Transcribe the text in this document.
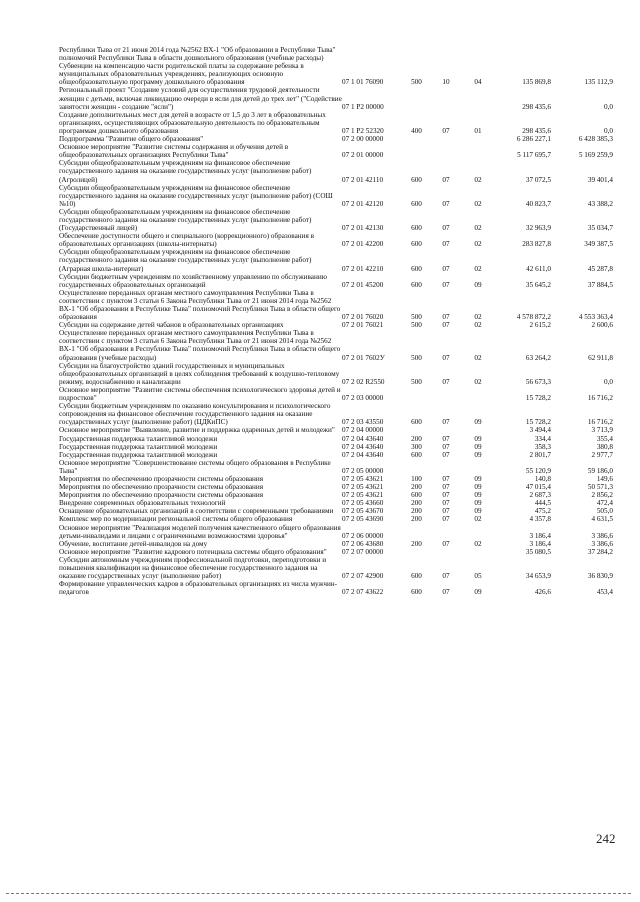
Республики Тыва от 21 июня 2014 года №2562 ВХ-1 "Об образовании в Республике Тыва" полномочий Республики Тыва в области дошкольного образования (учебные расходы)
Субвенции на компенсацию части родительской платы за содержание ребенка в муниципальных образовательных учреждениях, реализующих основную общеобразовательную программу дошкольного образования	07 1 01 76090	500	10	04	135 869,8	135 112,9
Региональный проект "Создание условий для осуществления трудовой деятельности женщин с детьми, включая ликвидацию очереди в ясли для детей до трех лет" ("Содействие занятости женщин - создание "ясли")	07 1 P2 00000	298 435,6	0,0
Создание дополнительных мест для детей в возрасте от 1,5 до 3 лет в образовательных организациях, осуществляющих образовательную деятельность по образовательным программам дошкольного образования	07 1 P2 52320	400	07	01	298 435,6	0,0
Подпрограмма "Развитие общего образования"	07 2 00 00000	6 286 227,1	6 428 385,3
Основное мероприятие "Развитие системы содержания и обучения детей в общеобразовательных организациях Республики Тыва"	07 2 01 00000	5 117 695,7	5 169 259,9
Субсидии общеобразовательным учреждениям на финансовое обеспечение государственного задания на оказание государственных услуг (выполнение работ) (Агролицей)	07 2 01 42110	600	07	02	37 072,5	39 401,4
Субсидии общеобразовательным учреждениям на финансовое обеспечение государственного задания на оказание государственных услуг (выполнение работ) (СОШ №10)	07 2 01 42120	600	07	02	40 823,7	43 388,2
Субсидии общеобразовательным учреждениям на финансовое обеспечение государственного задания на оказание государственных услуг (выполнение работ) (Государственный лицей)	07 2 01 42130	600	07	02	32 963,9	35 034,7
Обеспечение доступности общего и специального (коррекционного) образования в образовательных организациях (школы-интернаты)	07 2 01 42200	600	07	02	283 827,8	349 387,5
Субсидии общеобразовательным учреждениям на финансовое обеспечение государственного задания на оказание государственных услуг (выполнение работ) (Аграрная школа-интернат)	07 2 01 42210	600	07	02	42 611,0	45 287,8
Субсидии бюджетным учреждениям по хозяйственному управлению по обслуживанию государственных образовательных организаций	07 2 01 45200	600	07	09	35 645,2	37 884,5
Осуществление переданных органам местного самоуправления Республики Тыва в соответствии с пунктом 3 статьи 6 Закона Республики Тыва от 21 июня 2014 года №2562 ВХ-1 "Об образовании в Республике Тыва" полномочий Республики Тыва в области общего образования	07 2 01 76020	500	07	02	4 578 872,2	4 553 363,4
Субсидии на содержание детей чабанов в образовательных организациях	07 2 01 76021	500	07	02	2 615,2	2 600,6
Осуществление переданных органам местного самоуправления Республики Тыва в соответствии с пунктом 3 статьи 6 Закона Республики Тыва от 21 июня 2014 года №2562 ВХ-1 "Об образовании в Республике Тыва" полномочий Республики Тыва в области общего образования (учебные расходы)	07 2 01 7602У	500	07	02	63 264,2	62 911,8
Субсидии на благоустройство зданий государственных и муниципальных общеобразовательных организаций в целях соблюдения требований к воздушно-тепловому режиму, водоснабжению и канализации	07 2 02 R2550	500	07	02	56 673,3	0,0
Основное мероприятие "Развитие системы обеспечения психологического здоровья детей и подростков"	07 2 03 00000	15 728,2	16 716,2
Субсидии бюджетным учреждениям по оказанию консультирования и психологического сопровождения на финансовое обеспечение государственного задания на оказание государственных услуг (выполнение работ) (ЦДКиПС)	07 2 03 43550	600	07	09	15 728,2	16 716,2
Основное мероприятие "Выявление, развитие и поддержка одаренных детей и молодежи"	07 2 04 00000	3 494,4	3 713,9
Государственная поддержка талантливой молодежи	07 2 04 43640	200	07	09	334,4	355,4
Государственная поддержка талантливой молодежи	07 2 04 43640	300	07	09	358,3	380,8
Государственная поддержка талантливой молодежи	07 2 04 43640	600	07	09	2 801,7	2 977,7
Основное мероприятие "Совершенствование системы общего образования в Республике Тыва"	07 2 05 00000	55 120,9	59 186,0
Мероприятия по обеспечению прозрачности системы образования	07 2 05 43621	100	07	09	140,8	149,6
Мероприятия по обеспечению прозрачности системы образования	07 2 05 43621	200	07	09	47 015,4	50 571,3
Мероприятия по обеспечению прозрачности системы образования	07 2 05 43621	600	07	09	2 687,3	2 856,2
Внедрение современных образовательных технологий	07 2 05 43660	200	07	09	444,5	472,4
Оснащение образовательных организаций в соответствии с современными требованиями	07 2 05 43670	200	07	09	475,2	505,0
Комплекс мер по модернизации региональной системы общего образования	07 2 05 43690	200	07	02	4 357,8	4 631,5
Основное мероприятие "Реализация моделей получения качественного общего образования детьми-инвалидами и лицами с ограниченными возможностями здоровья"	07 2 06 00000	3 186,4	3 386,6
Обучение, воспитание детей-инвалидов на дому	07 2 06 43680	200	07	02	3 186,4	3 386,6
Основное мероприятие "Развитие кадрового потенциала системы общего образования"	07 2 07 00000	35 080,5	37 284,2
Субсидии автономным учреждениям профессиональной подготовки, переподготовки и повышения квалификации на финансовое обеспечение государственного задания на оказание государственных услуг (выполнение работ)	07 2 07 42900	600	07	05	34 653,9	36 830,9
Формирование управленческих кадров в образовательных организациях из числа мужчин-педагогов	07 2 07 43622	600	07	09	426,6	453,4
242
